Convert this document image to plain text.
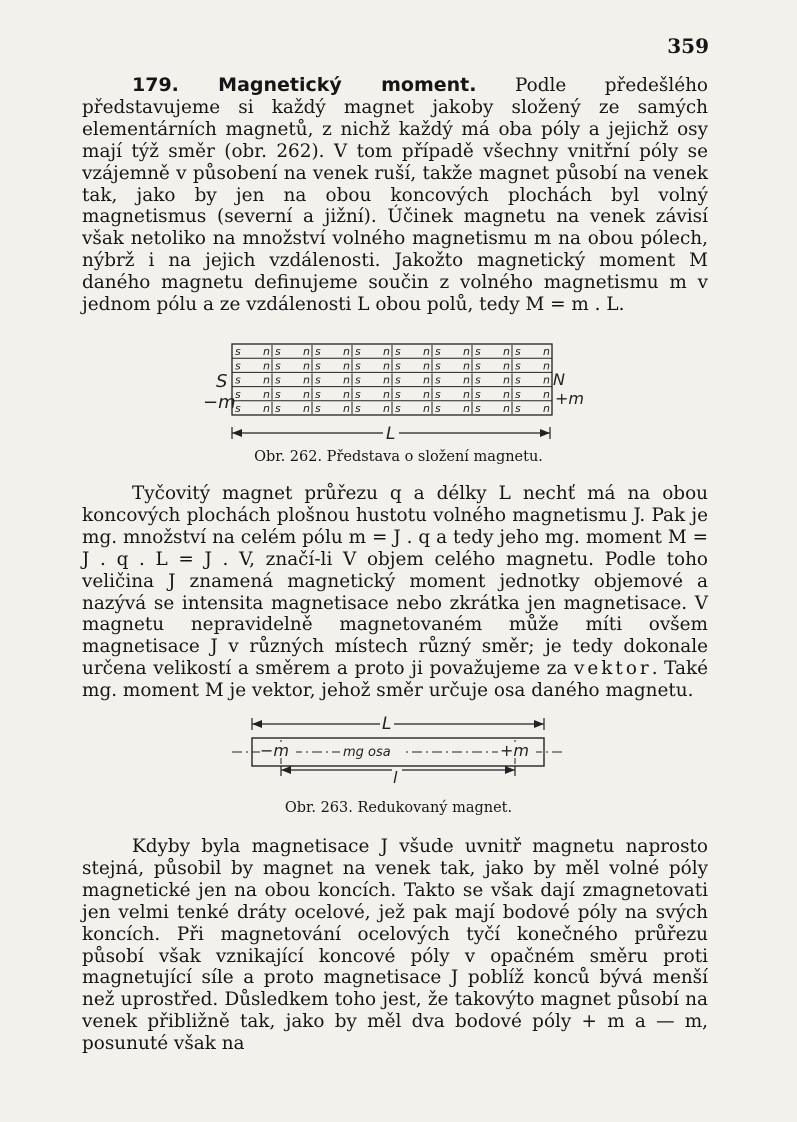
359

179. Magnetický moment. Podle předešlého představujeme si každý magnet jakoby složený ze samých elementárních magnetů, z nichž každý má oba póly a jejichž osy mají týž směr (obr. 262). V tom případě všechny vnitřní póly se vzájemně v působení na venek ruší, takže magnet působí na venek tak, jako by jen na obou koncových plochách byl volný magnetismus (severní a jižní). Účinek magnetu na venek závisí však netoliko na množství volného magnetismu m na obou pólech, nýbrž i na jejich vzdálenosti. Jakožto magnetický moment M daného magnetu definujeme součin z volného magnetismu m v jednom pólu a ze vzdálenosti L obou polů, tedy M = m . L.

s n s n s n s n s n s n s n s n
s n s n s n s n s n s n s n s n
s n s n s n s n s n s n s n s n
s n s n s n s n s n s n s n s n
s n s n s n s n s n s n s n s n
S
−m
N
+m
L
Obr. 262. Představa o složení magnetu.

Tyčovitý magnet průřezu q a délky L nechť má na obou koncových plochách plošnou hustotu volného magnetismu J. Pak je mg. množství na celém pólu m = J . q a tedy jeho mg. moment M = J . q . L = J . V, značí-li V objem celého magnetu. Podle toho veličina J znamená magnetický moment jednotky objemové a nazývá se intensita magnetisace nebo zkrátka jen magnetisace. V magnetu nepravidelně magnetovaném může míti ovšem magnetisace J v různých místech různý směr; je tedy dokonale určena velikostí a směrem a proto ji považujeme za vektor. Také mg. moment M je vektor, jehož směr určuje osa daného magnetu.

L
−m	mg osa	+m
l
Obr. 263. Redukovaný magnet.

Kdyby byla magnetisace J všude uvnitř magnetu naprosto stejná, působil by magnet na venek tak, jako by měl volné póly magnetické jen na obou koncích. Takto se však dají zmagnetovati jen velmi tenké dráty ocelové, jež pak mají bodové póly na svých koncích. Při magnetování ocelových tyčí konečného průřezu působí však vznikající koncové póly v opačném směru proti magnetující síle a proto magnetisace J poblíž konců bývá menší než uprostřed. Důsledkem toho jest, že takovýto magnet působí na venek přibližně tak, jako by měl dva bodové póly + m a — m, posunuté však na
